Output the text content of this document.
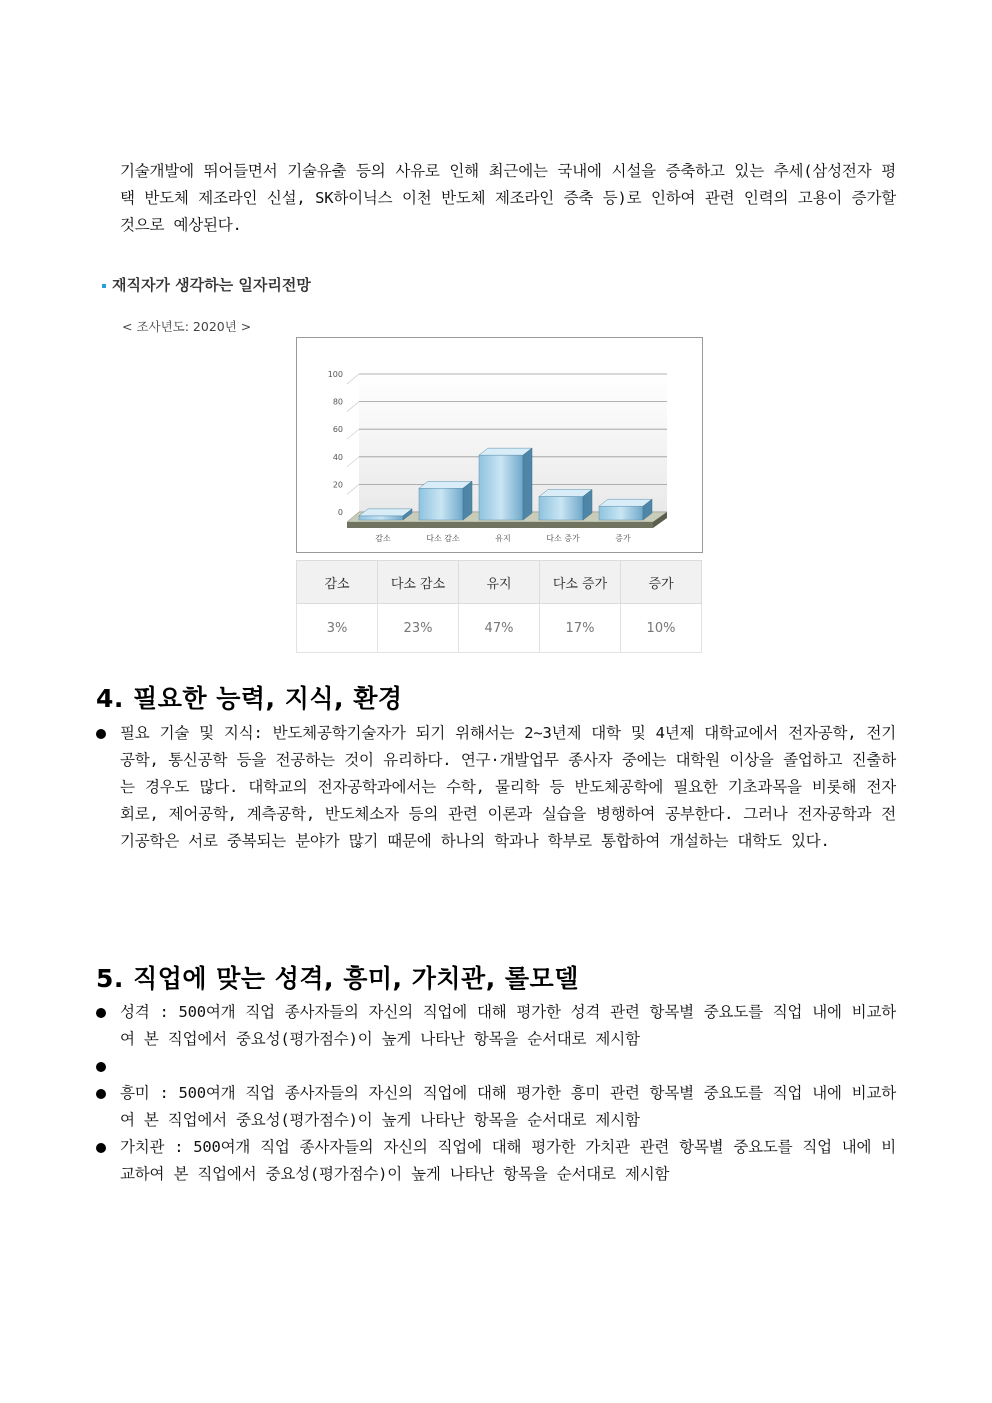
기술개발에 뛰어들면서 기술유출 등의 사유로 인해 최근에는 국내에 시설을 증축하고 있는 추세(삼성전자 평택 반도체 제조라인 신설, SK하이닉스 이천 반도체 제조라인 증축 등)로 인하여 관련 인력의 고용이 증가할 것으로 예상된다.

재직자가 생각하는 일자리전망
< 조사년도: 2020년 >
0
20
40
60
80
100
감소	다소 감소	유지	다소 증가	증가
감소	다소 감소	유지	다소 증가	증가
3%	23%	47%	17%	10%
4. 필요한 능력, 지식, 환경
필요 기술 및 지식: 반도체공학기술자가 되기 위해서는 2~3년제 대학 및 4년제 대학교에서 전자공학, 전기공학, 통신공학 등을 전공하는 것이 유리하다. 연구·개발업무 종사자 중에는 대학원 이상을 졸업하고 진출하는 경우도 많다. 대학교의 전자공학과에서는 수학, 물리학 등 반도체공학에 필요한 기초과목을 비롯해 전자회로, 제어공학, 계측공학, 반도체소자 등의 관련 이론과 실습을 병행하여 공부한다. 그러나 전자공학과 전기공학은 서로 중복되는 분야가 많기 때문에 하나의 학과나 학부로 통합하여 개설하는 대학도 있다.
5. 직업에 맞는 성격, 흥미, 가치관, 롤모델
성격 : 500여개 직업 종사자들의 자신의 직업에 대해 평가한 성격 관련 항목별 중요도를 직업 내에 비교하여 본 직업에서 중요성(평가점수)이 높게 나타난 항목을 순서대로 제시함
흥미 : 500여개 직업 종사자들의 자신의 직업에 대해 평가한 흥미 관련 항목별 중요도를 직업 내에 비교하여 본 직업에서 중요성(평가점수)이 높게 나타난 항목을 순서대로 제시함
가치관 : 500여개 직업 종사자들의 자신의 직업에 대해 평가한 가치관 관련 항목별 중요도를 직업 내에 비교하여 본 직업에서 중요성(평가점수)이 높게 나타난 항목을 순서대로 제시함
